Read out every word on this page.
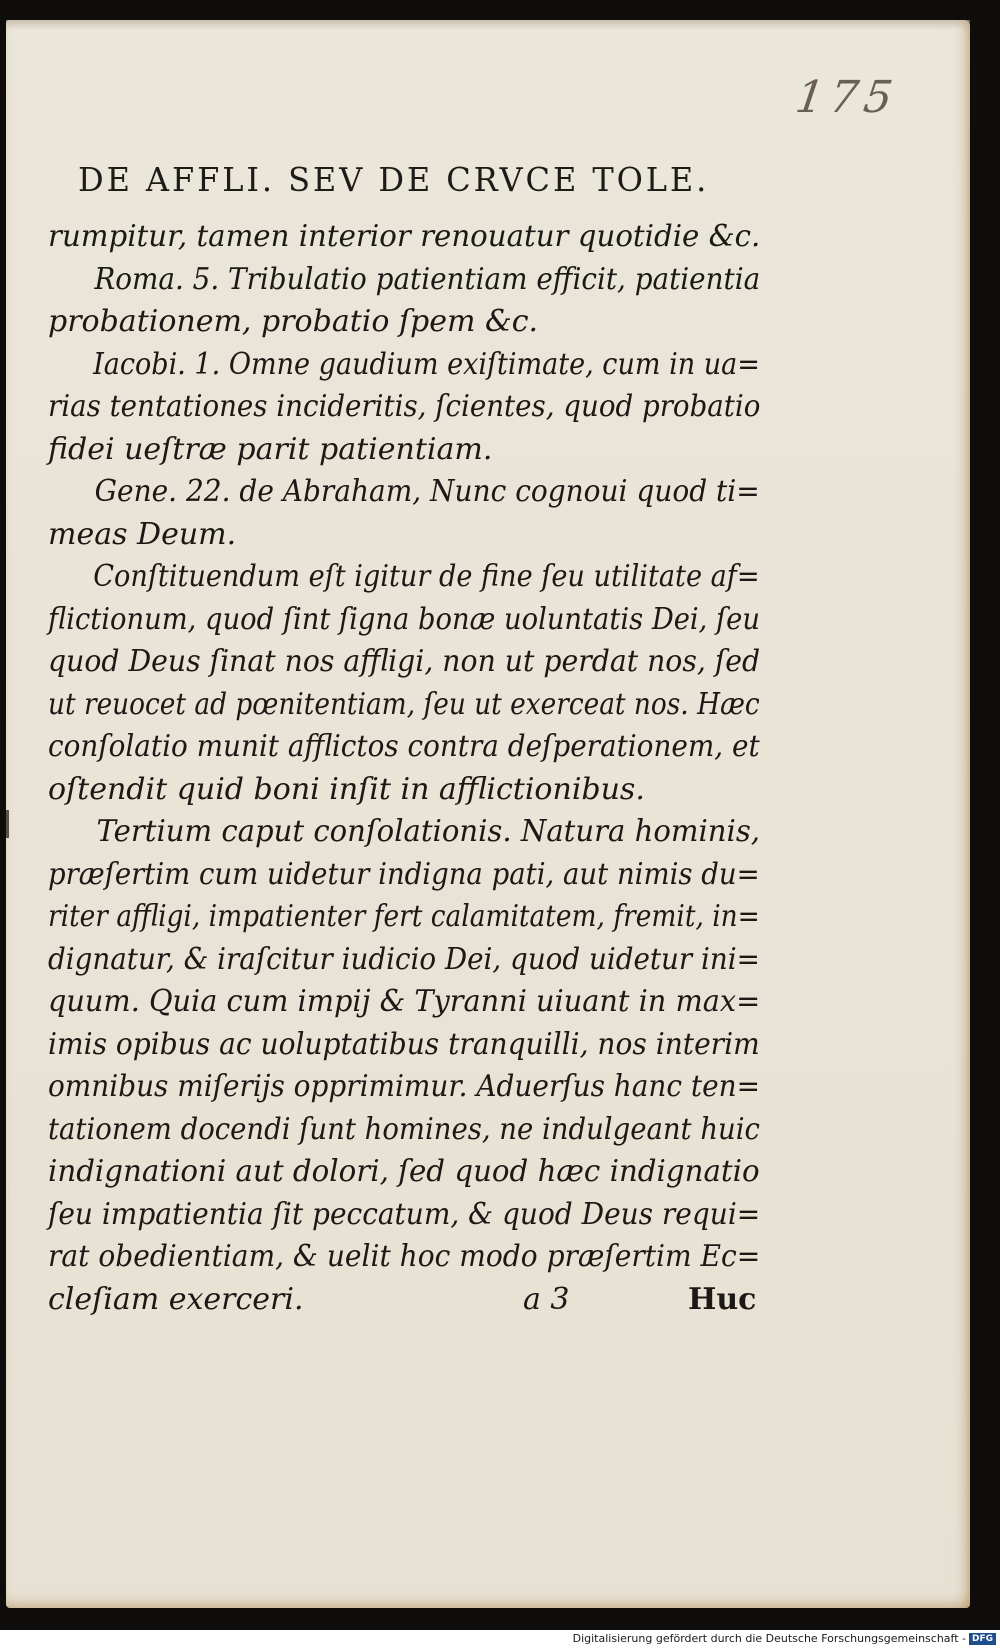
175
DE AFFLI. SEV DE CRVCE TOLE.
rumpitur, tamen interior renouatur quotidie &c.
Roma. 5. Tribulatio patientiam efficit, patientia
probationem, probatio ſpem &c.
Iacobi. 1. Omne gaudium exiſtimate, cum in ua=
rias tentationes incideritis, ſcientes, quod probatio
fidei ueſtræ parit patientiam.
Gene. 22. de Abraham, Nunc cognoui quod ti=
meas Deum.
Conſtituendum eſt igitur de fine ſeu utilitate af=
flictionum, quod ſint ſigna bonæ uoluntatis Dei, ſeu
quod Deus ſinat nos affligi, non ut perdat nos, ſed
ut reuocet ad pœnitentiam, ſeu ut exerceat nos. Hæc
conſolatio munit afflictos contra deſperationem, et
oſtendit quid boni inſit in afflictionibus.
Tertium caput conſolationis. Natura hominis,
præſertim cum uidetur indigna pati, aut nimis du=
riter affligi, impatienter fert calamitatem, fremit, in=
dignatur, & iraſcitur iudicio Dei, quod uidetur ini=
quum. Quia cum impij & Tyranni uiuant in max=
imis opibus ac uoluptatibus tranquilli, nos interim
omnibus miſerijs opprimimur. Aduerſus hanc ten=
tationem docendi ſunt homines, ne indulgeant huic
indignationi aut dolori, ſed quod hæc indignatio
ſeu impatientia ſit peccatum, & quod Deus requi=
rat obedientiam, & uelit hoc modo præſertim Ec=
cleſiam exerceri.	a 3	Huc
Digitalisierung gefördert durch die Deutsche Forschungsgemeinschaft - DFG
